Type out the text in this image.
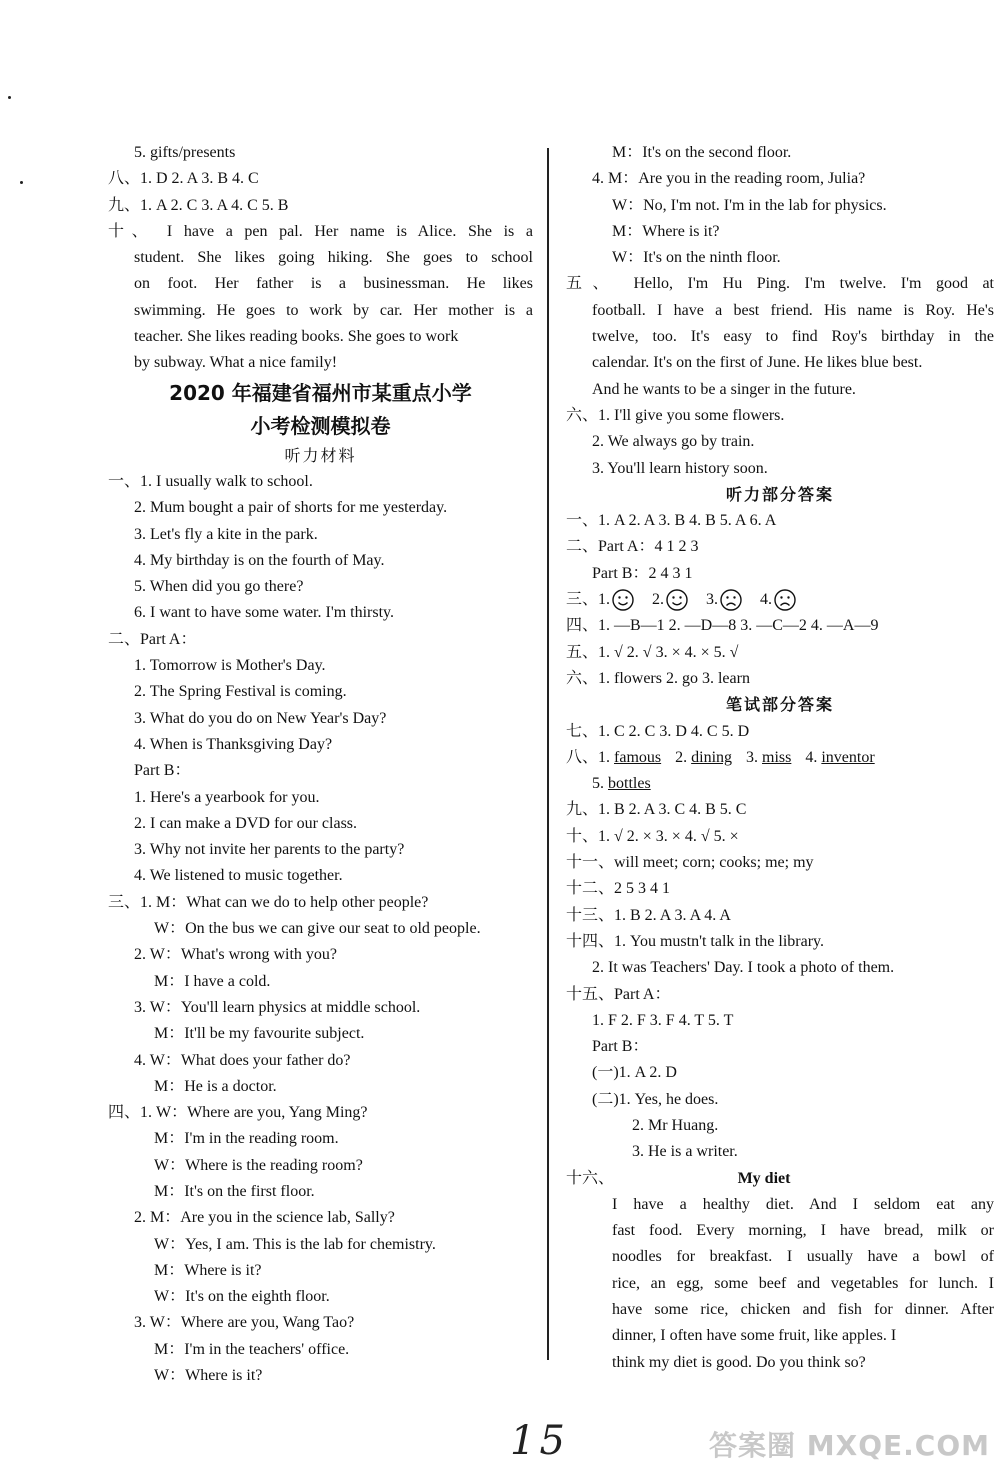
5. gifts/presents
八、1. D 2. A 3. B 4. C
九、1. A 2. C 3. A 4. C 5. B
十、 I have a pen pal. Her name is Alice. She is a
student. She likes going hiking. She goes to school
on foot. Her father is a businessman. He likes
swimming. He goes to work by car. Her mother is a
teacher. She likes reading books. She goes to work
by subway. What a nice family!
2020 年福建省福州市某重点小学
小考检测模拟卷
听力材料
一、1. I usually walk to school.
2. Mum bought a pair of shorts for me yesterday.
3. Let's fly a kite in the park.
4. My birthday is on the fourth of May.
5. When did you go there?
6. I want to have some water. I'm thirsty.
二、Part A：
1. Tomorrow is Mother's Day.
2. The Spring Festival is coming.
3. What do you do on New Year's Day?
4. When is Thanksgiving Day?
Part B：
1. Here's a yearbook for you.
2. I can make a DVD for our class.
3. Why not invite her parents to the party?
4. We listened to music together.
三、1. M：What can we do to help other people?
W：On the bus we can give our seat to old people.
2. W：What's wrong with you?
M：I have a cold.
3. W：You'll learn physics at middle school.
M：It'll be my favourite subject.
4. W：What does your father do?
M：He is a doctor.
四、1. W：Where are you, Yang Ming?
M：I'm in the reading room.
W：Where is the reading room?
M：It's on the first floor.
2. M：Are you in the science lab, Sally?
W：Yes, I am. This is the lab for chemistry.
M：Where is it?
W：It's on the eighth floor.
3. W：Where are you, Wang Tao?
M：I'm in the teachers' office.
W：Where is it?
M：It's on the second floor.
4. M：Are you in the reading room, Julia?
W：No, I'm not. I'm in the lab for physics.
M：Where is it?
W：It's on the ninth floor.
五、 Hello, I'm Hu Ping. I'm twelve. I'm good at
football. I have a best friend. His name is Roy. He's
twelve, too. It's easy to find Roy's birthday in the
calendar. It's on the first of June. He likes blue best.
And he wants to be a singer in the future.
六、1. I'll give you some flowers.
2. We always go by train.
3. You'll learn history soon.
听力部分答案
一、1. A 2. A 3. B 4. B 5. A 6. A
二、Part A：4 1 2 3
Part B：2 4 3 1
三、1.	2.	3.	4.
四、1. —B—1 2. —D—8 3. —C—2 4. —A—9
五、1. √ 2. √ 3. × 4. × 5. √
六、1. flowers 2. go 3. learn
笔试部分答案
七、1. C 2. C 3. D 4. C 5. D
八、1. famous 2. dining 3. miss 4. inventor
5. bottles
九、1. B 2. A 3. C 4. B 5. C
十、1. √ 2. × 3. × 4. √ 5. ×
十一、will meet; corn; cooks; me; my
十二、2 5 3 4 1
十三、1. B 2. A 3. A 4. A
十四、1. You mustn't talk in the library.
2. It was Teachers' Day. I took a photo of them.
十五、Part A：
1. F 2. F 3. F 4. T 5. T
Part B：
(一)1. A 2. D
(二)1. Yes, he does.
2. Mr Huang.
3. He is a writer.
十六、	My diet
I have a healthy diet. And I seldom eat any
fast food. Every morning, I have bread, milk or
noodles for breakfast. I usually have a bowl of
rice, an egg, some beef and vegetables for lunch. I
have some rice, chicken and fish for dinner. After
dinner, I often have some fruit, like apples. I
think my diet is good. Do you think so?
15	答案圈 MXQE.COM
